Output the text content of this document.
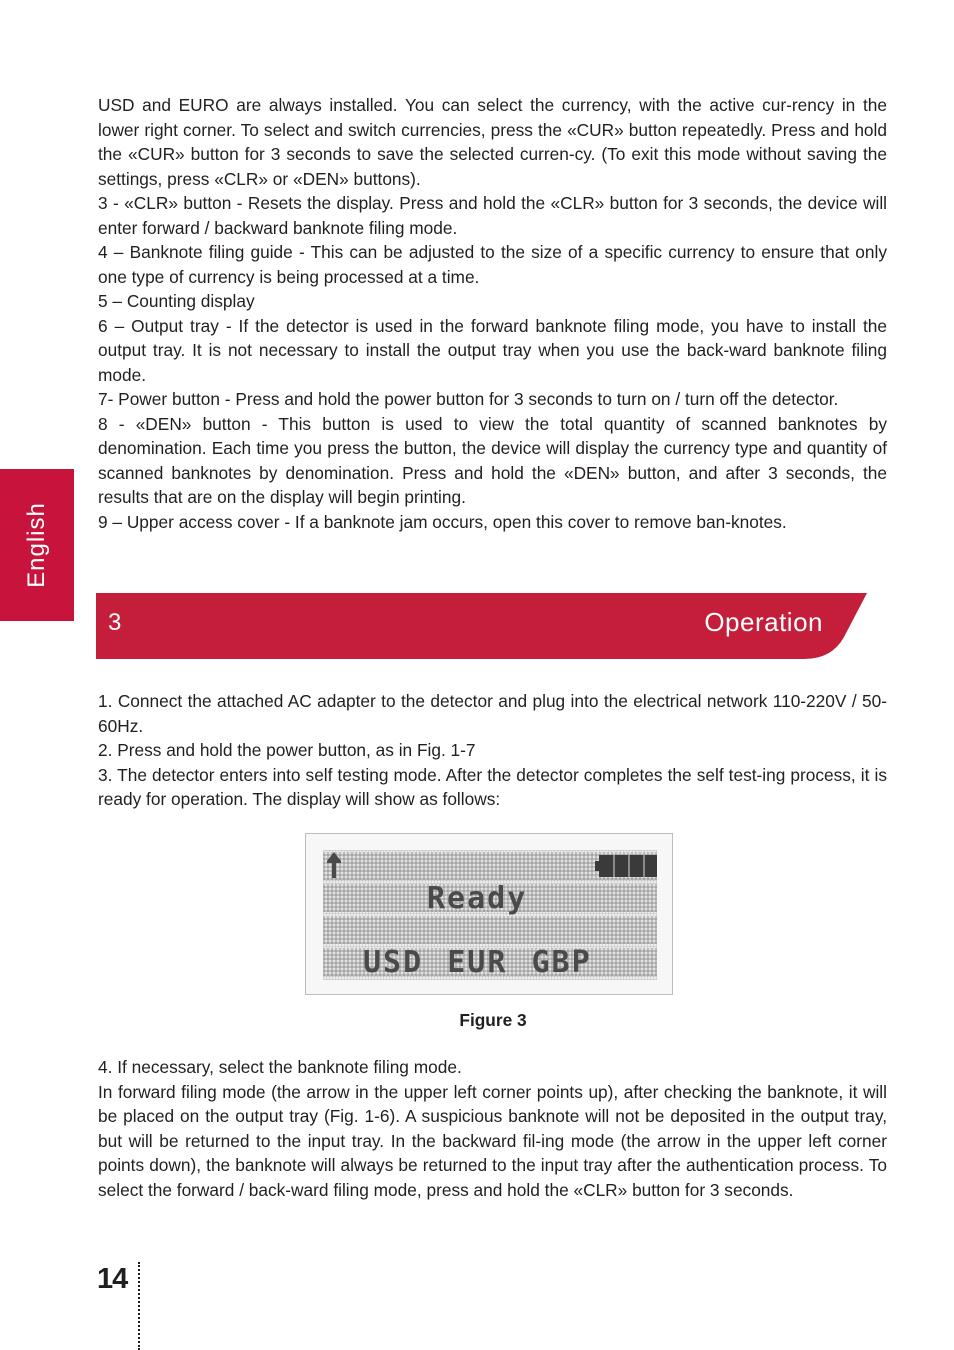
English

USD and EURO are always installed. You can select the currency, with the active cur-rency in the lower right corner. To select and switch currencies, press the «CUR» button repeatedly. Press and hold the «CUR» button for 3 seconds to save the selected curren-cy. (To exit this mode without saving the settings, press «CLR» or «DEN» buttons).

3 - «CLR» button - Resets the display. Press and hold the «CLR» button for 3 seconds, the device will enter forward / backward banknote filing mode.

4 – Banknote filing guide - This can be adjusted to the size of a specific currency to ensure that only one type of currency is being processed at a time.

5 – Counting display

6 – Output tray - If the detector is used in the forward banknote filing mode, you have to install the output tray. It is not necessary to install the output tray when you use the back-ward banknote filing mode.

7- Power button - Press and hold the power button for 3 seconds to turn on / turn off the detector.

8 - «DEN» button - This button is used to view the total quantity of scanned banknotes by denomination. Each time you press the button, the device will display the currency type and quantity of scanned banknotes by denomination. Press and hold the «DEN» button, and after 3 seconds, the results that are on the display will begin printing.

9 – Upper access cover - If a banknote jam occurs, open this cover to remove ban-knotes.

3	Operation

1. Connect the attached AC adapter to the detector and plug into the electrical network 110-220V / 50-60Hz.

2. Press and hold the power button, as in Fig. 1-7

3. The detector enters into self testing mode. After the detector completes the self test-ing process, it is ready for operation. The display will show as follows:

Ready
USD EUR GBP
Figure 3

4. If necessary, select the banknote filing mode.

In forward filing mode (the arrow in the upper left corner points up), after checking the banknote, it will be placed on the output tray (Fig. 1-6). A suspicious banknote will not be deposited in the output tray, but will be returned to the input tray. In the backward fil-ing mode (the arrow in the upper left corner points down), the banknote will always be returned to the input tray after the authentication process. To select the forward / back-ward filing mode, press and hold the «CLR» button for 3 seconds.

14
